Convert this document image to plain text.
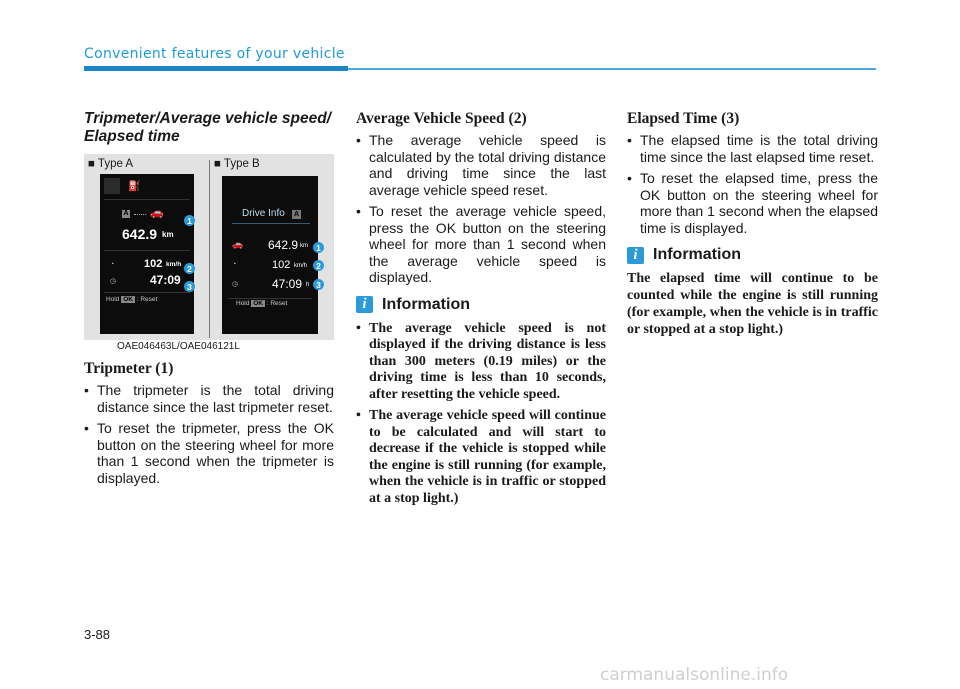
Convenient features of your vehicle
Tripmeter/Average vehicle speed/ Elapsed time
■ Type A	■ Type B
⛽
A 🚗
642.9 km
◔	102 km/h
◷	47:09
Hold OK : Reset
1
2
3
Drive Info A
🚗 642.9 km
◔	102 km/h
◷	47:09 h
Hold OK : Reset
1
2
3
OAE046463L/OAE046121L
Tripmeter (1)
• The tripmeter is the total driving distance since the last tripmeter reset.
• To reset the tripmeter, press the OK button on the steering wheel for more than 1 second when the tripmeter is displayed.
Average Vehicle Speed (2)
• The average vehicle speed is calculated by the total driving distance and driving time since the last average vehicle speed reset.
• To reset the average vehicle speed, press the OK button on the steering wheel for more than 1 second when the average vehicle speed is displayed.
i Information
• The average vehicle speed is not displayed if the driving distance is less than 300 meters (0.19 miles) or the driving time is less than 10 seconds, after resetting the vehicle speed.
• The average vehicle speed will continue to be calculated and will start to decrease if the vehicle is stopped while the engine is still running (for example, when the vehicle is in traffic or stopped at a stop light.)
Elapsed Time (3)
• The elapsed time is the total driving time since the last elapsed time reset.
• To reset the elapsed time, press the OK button on the steering wheel for more than 1 second when the elapsed time is displayed.
i Information

The elapsed time will continue to be counted while the engine is still running (for example, when the vehicle is in traffic or stopped at a stop light.)

3-88
carmanualsonline.info
